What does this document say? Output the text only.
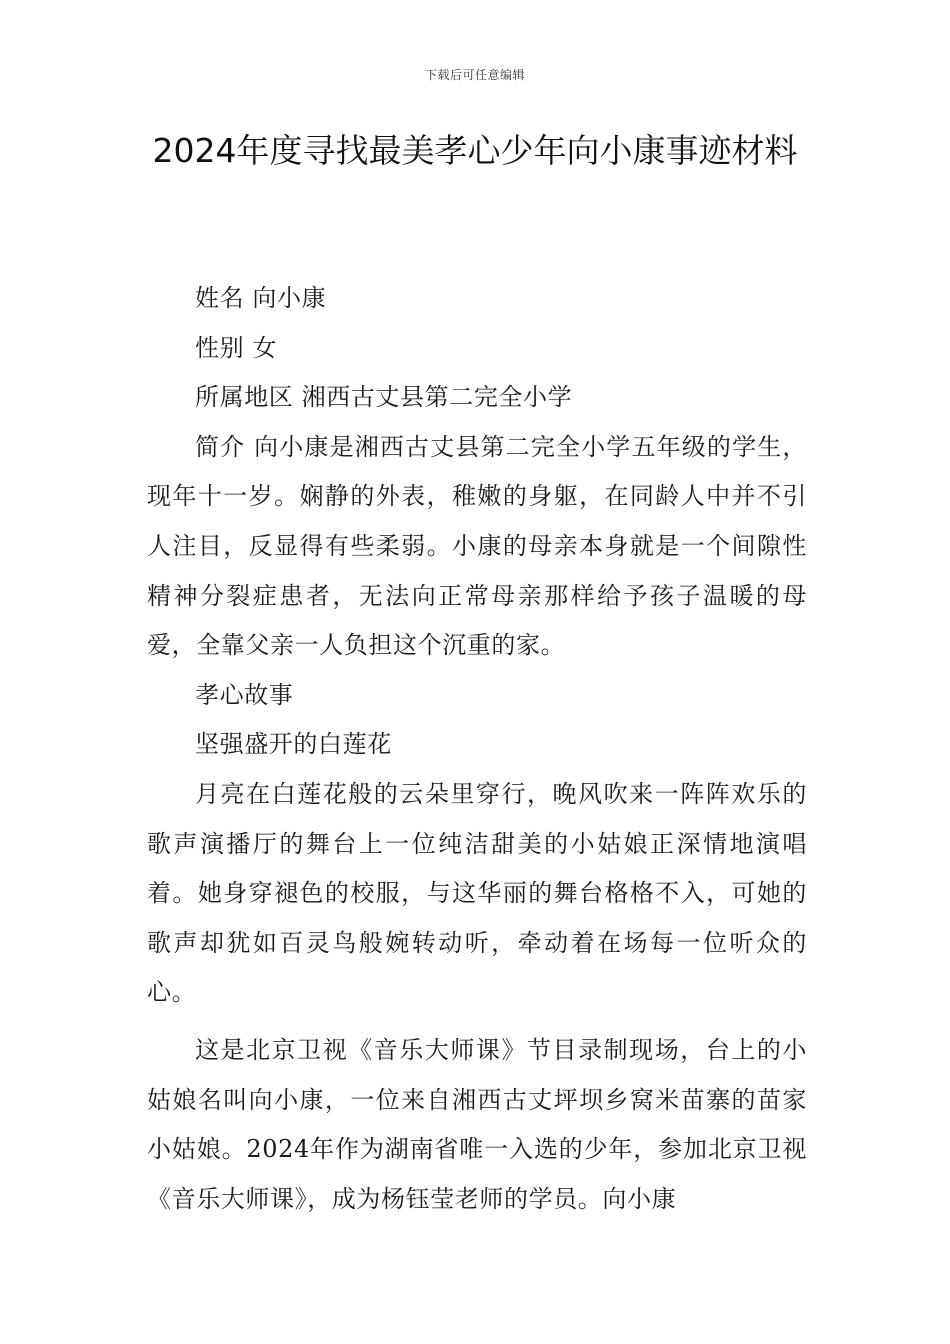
下载后可任意编辑
2024年度寻找最美孝心少年向小康事迹材料

姓名 向小康

性别 女

所属地区 湘西古丈县第二完全小学

简介 向小康是湘西古丈县第二完全小学五年级的学生，现年十一岁。娴静的外表，稚嫩的身躯，在同龄人中并不引人注目，反显得有些柔弱。小康的母亲本身就是一个间隙性精神分裂症患者，无法向正常母亲那样给予孩子温暖的母爱，全靠父亲一人负担这个沉重的家。

孝心故事

坚强盛开的白莲花

月亮在白莲花般的云朵里穿行，晚风吹来一阵阵欢乐的歌声演播厅的舞台上一位纯洁甜美的小姑娘正深情地演唱着。她身穿褪色的校服，与这华丽的舞台格格不入，可她的歌声却犹如百灵鸟般婉转动听，牵动着在场每一位听众的心。

这是北京卫视《音乐大师课》节目录制现场，台上的小姑娘名叫向小康，一位来自湘西古丈坪坝乡窝米苗寨的苗家小姑娘。2024年作为湖南省唯一入选的少年，参加北京卫视《音乐大师课》，成为杨钰莹老师的学员。向小康
